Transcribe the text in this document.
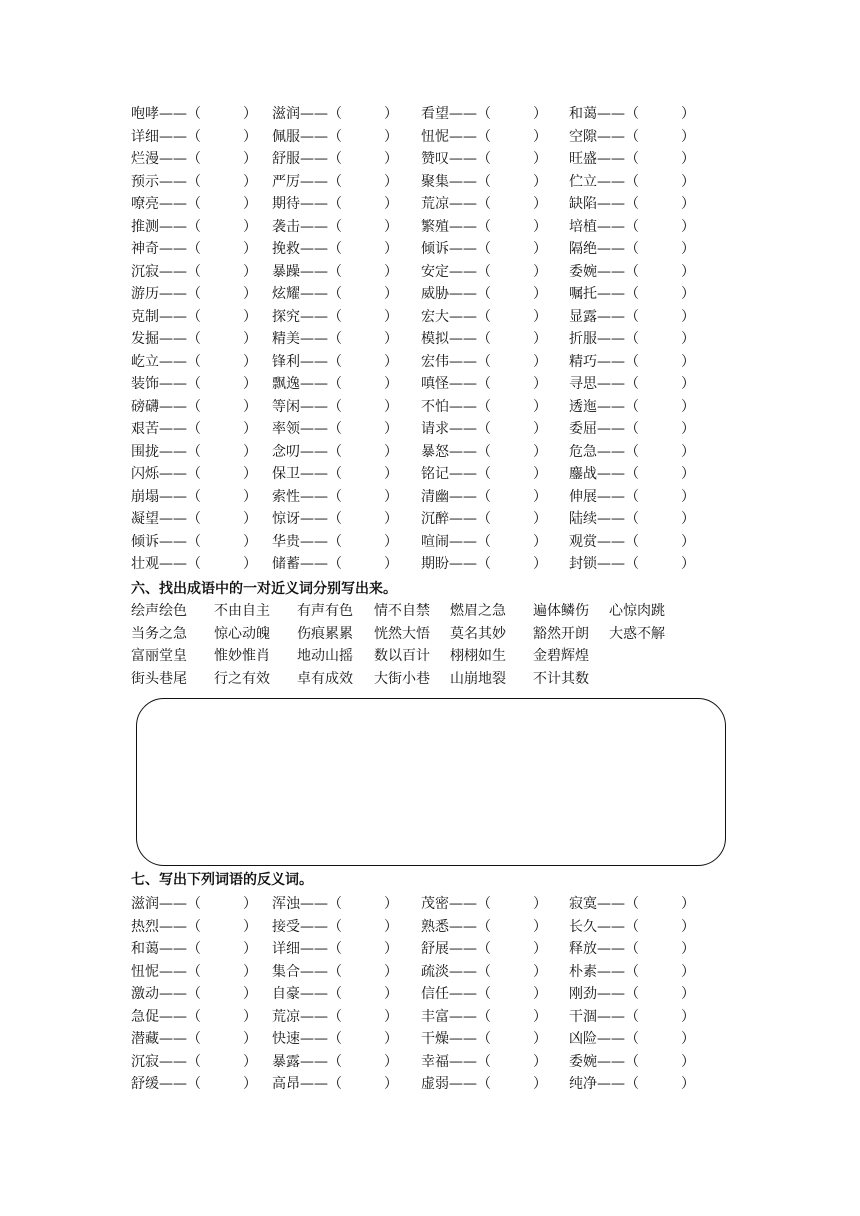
咆哮——（　　　） 滋润——（　　　） 看望——（　　　） 和蔼——（　　　）
详细——（　　　） 佩服——（　　　） 忸怩——（　　　） 空隙——（　　　）
烂漫——（　　　） 舒服——（　　　） 赞叹——（　　　） 旺盛——（　　　）
预示——（　　　） 严厉——（　　　） 聚集——（　　　） 伫立——（　　　）
嘹亮——（　　　） 期待——（　　　） 荒凉——（　　　） 缺陷——（　　　）
推测——（　　　） 袭击——（　　　） 繁殖——（　　　） 培植——（　　　）
神奇——（　　　） 挽救——（　　　） 倾诉——（　　　） 隔绝——（　　　）
沉寂——（　　　） 暴躁——（　　　） 安定——（　　　） 委婉——（　　　）
游历——（　　　） 炫耀——（　　　） 威胁——（　　　） 嘱托——（　　　）
克制——（　　　） 探究——（　　　） 宏大——（　　　） 显露——（　　　）
发掘——（　　　） 精美——（　　　） 模拟——（　　　） 折服——（　　　）
屹立——（　　　） 锋利——（　　　） 宏伟——（　　　） 精巧——（　　　）
装饰——（　　　） 飘逸——（　　　） 嗔怪——（　　　） 寻思——（　　　）
磅礴——（　　　） 等闲——（　　　） 不怕——（　　　） 透迤——（　　　）
艰苦——（　　　） 率领——（　　　） 请求——（　　　） 委屈——（　　　）
围拢——（　　　） 念叨——（　　　） 暴怒——（　　　） 危急——（　　　）
闪烁——（　　　） 保卫——（　　　） 铭记——（　　　） 鏖战——（　　　）
崩塌——（　　　） 索性——（　　　） 清幽——（　　　） 伸展——（　　　）
凝望——（　　　） 惊讶——（　　　） 沉醉——（　　　） 陆续——（　　　）
倾诉——（　　　） 华贵——（　　　） 喧闹——（　　　） 观赏——（　　　）
壮观——（　　　） 储蓄——（　　　） 期盼——（　　　） 封锁——（　　　）
六、找出成语中的一对近义词分别写出来。
绘声绘色 不由自主 有声有色 情不自禁 燃眉之急 遍体鳞伤 心惊肉跳
当务之急 惊心动魄 伤痕累累 恍然大悟 莫名其妙 豁然开朗 大惑不解
富丽堂皇 惟妙惟肖 地动山摇 数以百计 栩栩如生 金碧辉煌
街头巷尾 行之有效 卓有成效 大街小巷 山崩地裂 不计其数
七、写出下列词语的反义词。
滋润——（　　　） 浑浊——（　　　） 茂密——（　　　） 寂寞——（　　　）
热烈——（　　　） 接受——（　　　） 熟悉——（　　　） 长久——（　　　）
和蔼——（　　　） 详细——（　　　） 舒展——（　　　） 释放——（　　　）
忸怩——（　　　） 集合——（　　　） 疏淡——（　　　） 朴素——（　　　）
激动——（　　　） 自豪——（　　　） 信任——（　　　） 刚劲——（　　　）
急促——（　　　） 荒凉——（　　　） 丰富——（　　　） 干涸——（　　　）
潜藏——（　　　） 快速——（　　　） 干燥——（　　　） 凶险——（　　　）
沉寂——（　　　） 暴露——（　　　） 幸福——（　　　） 委婉——（　　　）
舒缓——（　　　） 高昂——（　　　） 虚弱——（　　　） 纯净——（　　　）
